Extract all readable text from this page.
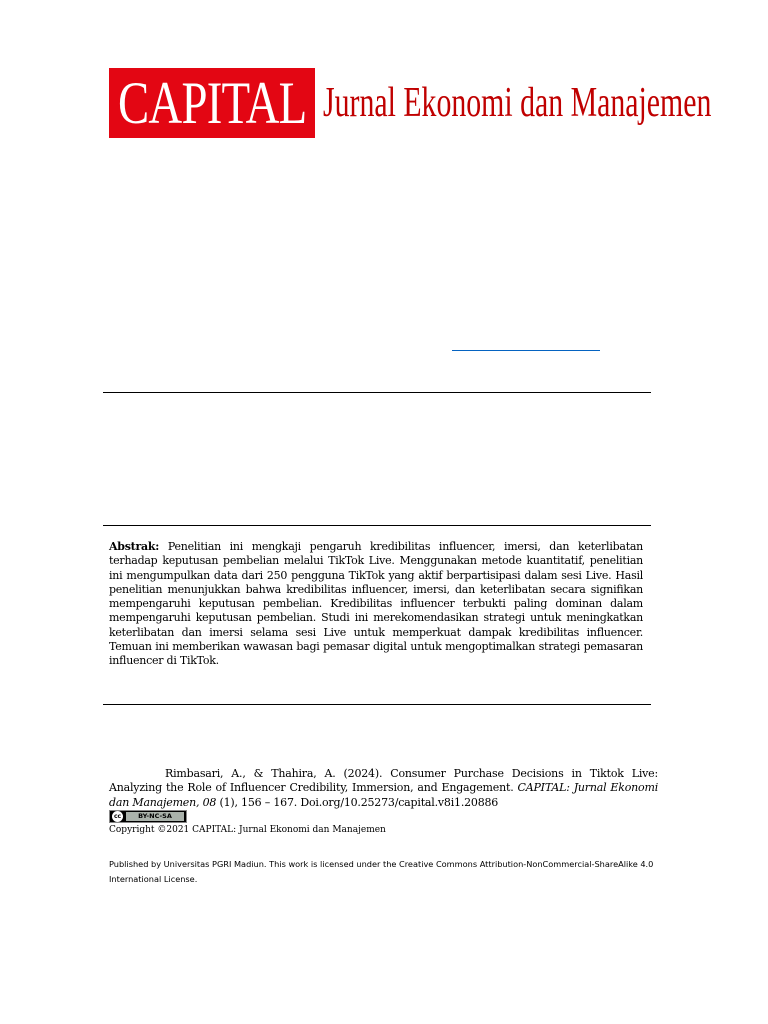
CAPITAL Jurnal Ekonomi dan Manajemen
Abstrak: Penelitian ini mengkaji pengaruh kredibilitas influencer, imersi, dan keterlibatan terhadap keputusan pembelian melalui TikTok Live. Menggunakan metode kuantitatif, penelitian ini mengumpulkan data dari 250 pengguna TikTok yang aktif berpartisipasi dalam sesi Live. Hasil penelitian menunjukkan bahwa kredibilitas influencer, imersi, dan keterlibatan secara signifikan mempengaruhi keputusan pembelian. Kredibilitas influencer terbukti paling dominan dalam mempengaruhi keputusan pembelian. Studi ini merekomendasikan strategi untuk meningkatkan keterlibatan dan imersi selama sesi Live untuk memperkuat dampak kredibilitas influencer. Temuan ini memberikan wawasan bagi pemasar digital untuk mengoptimalkan strategi pemasaran influencer di TikTok.
Rimbasari, A., & Thahira, A. (2024). Consumer Purchase Decisions in Tiktok Live: Analyzing the Role of Influencer Credibility, Immersion, and Engagement. CAPITAL: Jurnal Ekonomi dan Manajemen, 08 (1), 156 – 167. Doi.org/10.25273/capital.v8i1.20886
cc	BY-NC-SA
Copyright ©2021 CAPITAL: Jurnal Ekonomi dan Manajemen
Published by Universitas PGRI Madiun. This work is licensed under the Creative Commons Attribution-NonCommercial-ShareAlike 4.0 International License.
